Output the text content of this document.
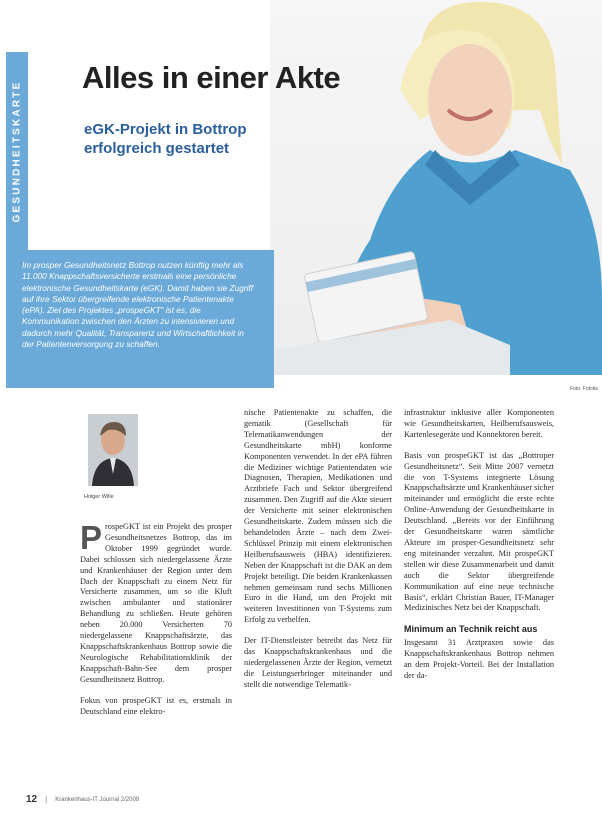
GESUNDHEITSKARTE
Foto: Fotolia
Alles in einer Akte
eGK-Projekt in Bottrop erfolgreich gestartet

Im prosper Gesundheitsnetz Bottrop nutzen künftig mehr als 11.000 Knappschaftsversicherte erstmals eine persönliche elektronische Gesundheitskarte (eGK). Damit haben sie Zugriff auf ihre Sektor übergreifende elektronische Patientenakte (ePA). Ziel des Projektes „prospeGKT“ ist es, die Kommunikation zwischen den Ärzten zu intensivieren und dadurch mehr Qualität, Transparenz und Wirtschaftlichkeit in der Patientenversorgung zu schaffen.

Holger Wille

ProspeGKT ist ein Projekt des prosper Gesundheitsnetzes Bottrop, das im Oktober 1999 gegründet wurde. Dabei schlossen sich niedergelassene Ärzte und Krankenhäuser der Region unter dem Dach der Knappschaft zu einem Netz für Versicherte zusammen, um so die Kluft zwischen ambulanter und stationärer Behandlung zu schließen. Heute gehören neben 20.000 Versicherten 70 niedergelassene Knappschaftsärzte, das Knappschaftskrankenhaus Bottrop sowie die Neurologische Rehabilitationsklinik der Knappschaft-Bahn-See dem prosper Gesundheitsnetz Bottrop.

Fokus von prospeGKT ist es, erstmals in Deutschland eine elektro-

nische Patientenakte zu schaffen, die gematik (Gesellschaft für Telematikanwendungen der Gesundheitskarte mbH) konforme Komponenten verwendet. In der ePA führen die Mediziner wichtige Patientendaten wie Diagnosen, Therapien, Medikationen und Arztbriefe Fach und Sektor übergreifend zusammen. Den Zugriff auf die Akte steuert der Versicherte mit seiner elektronischen Gesundheitskarte. Zudem müssen sich die behandelnden Ärzte – nach dem Zwei-Schlüssel Prinzip mit einem elektronischen Heilberufsausweis (HBA) identifizieren. Neben der Knappschaft ist die DAK an dem Projekt beteiligt. Die beiden Krankenkassen nehmen gemeinsam rund sechs Millionen Euro in die Hand, um den Projekt mit weiteren Investitionen von T-Systems zum Erfolg zu verhelfen.

Der IT-Dienstleister betreibt das Netz für das Knappschaftskrankenhaus und die niedergelassenen Ärzte der Region, vernetzt die Leistungserbringer miteinander und stellt die notwendige Telematik-

infrastruktur inklusive aller Komponenten wie Gesundheitskarten, Heilberufsausweis, Kartenlesegeräte und Konnektoren bereit.

Basis von prospeGKT ist das „Bottroper Gesundheitsnetz“. Seit Mitte 2007 vernetzt die von T-Systems integrierte Lösung Knappschaftsärzte und Krankenhäuser sicher miteinander und ermöglicht die erste echte Online-Anwendung der Gesundheitskarte in Deutschland. „Bereits vor der Einführung der Gesundheitskarte waren sämtliche Akteure im prosper-Gesundheitsnetz sehr eng miteinander verzahnt. Mit prospeGKT stellen wir diese Zusammenarbeit und damit auch die Sektor übergreifende Kommunikation auf eine neue technische Basis“, erklärt Christian Bauer, IT-Manager Medizinisches Netz bei der Knappschaft.

Minimum an Technik reicht aus

Insgesamt 31 Arztpraxen sowie das Knappschaftskrankenhaus Bottrop nehmen an dem Projekt-Vorteil. Bei der Installation der da-

12 | Krankenhaus-IT Journal 2/2009
